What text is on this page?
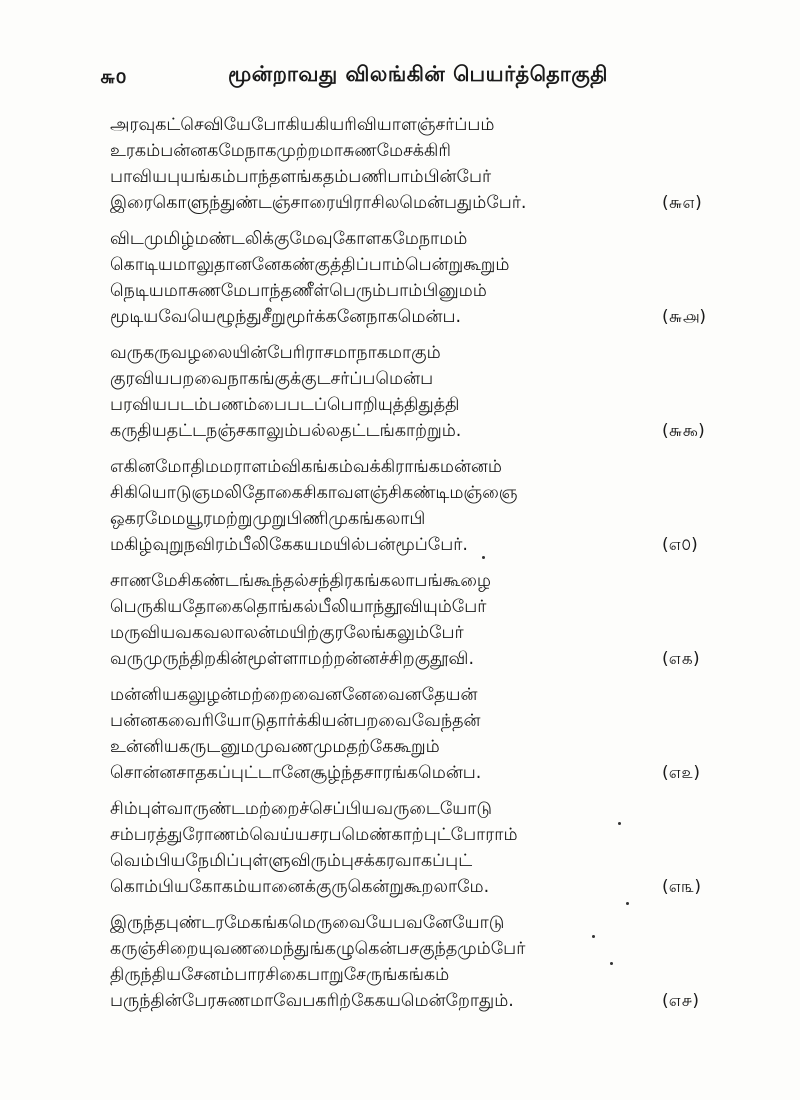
௬൦	மூன்றாவது விலங்கின் பெயர்த்தொகுதி
அரவுகட்செவியேபோகியகியரிவியாளஞ்சர்ப்பம்
உரகம்பன்னகமேநாகமுற்றமாசுணமேசக்கிரி
பாவியபுயங்கம்பாந்தளங்கதம்பணிபாம்பின்பேர்
இரைகொளுந்துண்டஞ்சாரையிராசிலமென்பதும்பேர்.	(௬௭)
விடமுமிழ்மண்டலிக்குமேவுகோளகமேநாமம்
கொடியமாலுதானனேகண்குத்திப்பாம்பென்றுகூறும்
நெடியமாசுணமேபாந்தணீள்பெரும்பாம்பினுமம்
மூடியவேயெழூந்துசீறுமூர்க்கனேநாகமென்ப.	(௬௮)
வருகருவழலையின்பேரிராசமாநாகமாகும்
குரவியபறவைநாகங்குக்குடசர்ப்பமென்ப
பரவியபடம்பணம்பைபடப்பொறியுத்திதுத்தி
கருதியதட்டநஞ்சகாலும்பல்லதட்டங்காற்றும்.	(௬௯)
எகினமோதிமமராளம்விகங்கம்வக்கிராங்கமன்னம்
சிகியொடுஞமலிதோகைசிகாவளஞ்சிகண்டிமஞ்ஞை
ஒகரமேமயூரமற்றுமுறுபிணிமுகங்கலாபி
மகிழ்வுறுநவிரம்பீலிகேகயமயில்பன்மூப்பேர்.	(௭௦)
சாணமேசிகண்டங்கூந்தல்சந்திரகங்கலாபங்கூழை
பெருகியதோகைதொங்கல்பீலியாந்தூவியும்பேர்
மருவியவகவலாலன்மயிற்குரலேங்கலும்பேர்
வருமுருந்திறகின்மூள்ளாமற்றன்னச்சிறகுதூவி.	(௭௧)
மன்னியகலுழன்மற்றைவைனனேவைனதேயன்
பன்னகவைரியோடுதார்க்கியன்பறவைவேந்தன்
உன்னியகருடனுமமுவணமுமதற்கேகூறும்
சொன்னசாதகப்புட்டானேசூழ்ந்தசாரங்கமென்ப.	(௭௨)
சிம்புள்வாருண்டமற்றைச்செப்பியவருடையோடு
சம்பரத்துரோணம்வெய்யசரபமெண்காற்புட்போராம்
வெம்பியநேமிப்புள்ளுவிரும்புசக்கரவாகப்புட்
கொம்பியகோகம்யானைக்குருகென்றுகூறலாமே.	(௭௩)
இருந்தபுண்டரமேகங்கமெருவையேபவனேயோடு
கருஞ்சிறையுவணமைந்துங்கழுகென்பசகுந்தமும்பேர்
திருந்தியசேனம்பாரசிகைபாறுசேருங்கங்கம்
பருந்தின்பேரசுணமாவேபகரிற்கேகயமென்றோதும்.	(௭௪)
